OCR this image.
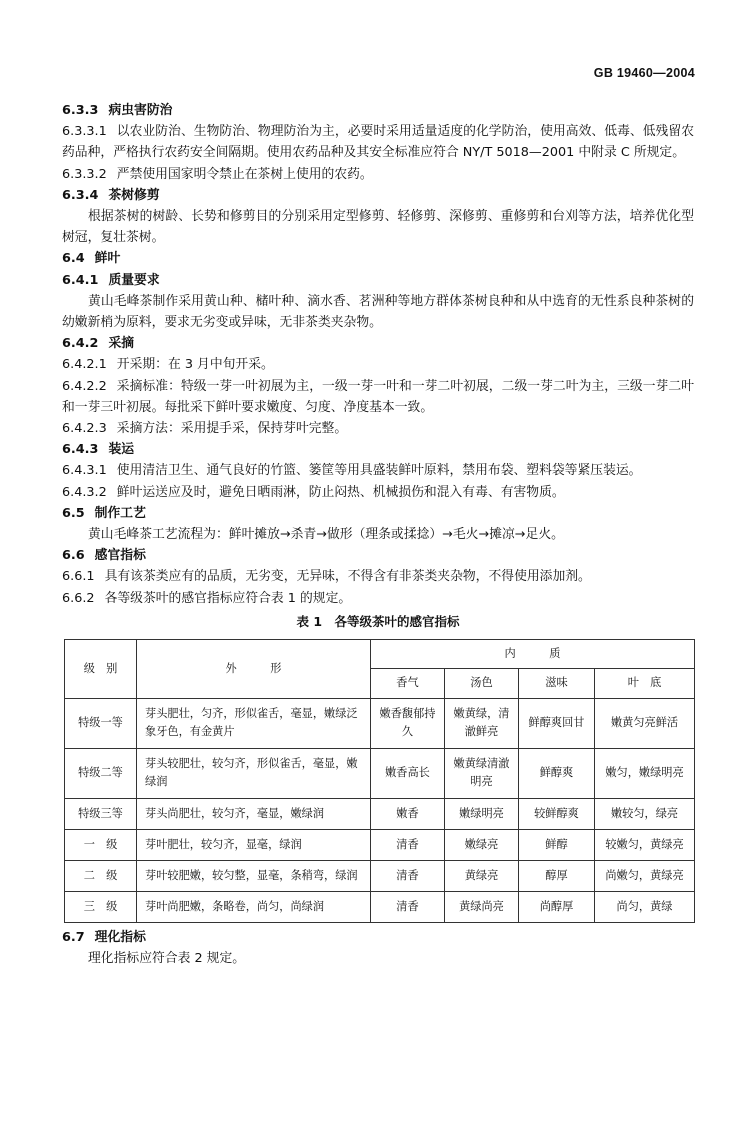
GB 19460—2004

6.3.3 病虫害防治

6.3.3.1 以农业防治、生物防治、物理防治为主，必要时采用适量适度的化学防治，使用高效、低毒、低残留农药品种，严格执行农药安全间隔期。使用农药品种及其安全标准应符合 NY/T 5018—2001 中附录 C 所规定。

6.3.3.2 严禁使用国家明令禁止在茶树上使用的农药。

6.3.4 茶树修剪

根据茶树的树龄、长势和修剪目的分别采用定型修剪、轻修剪、深修剪、重修剪和台刈等方法，培养优化型树冠，复壮茶树。

6.4 鲜叶

6.4.1 质量要求

黄山毛峰茶制作采用黄山种、槠叶种、滴水香、茗洲种等地方群体茶树良种和从中选育的无性系良种茶树的幼嫩新梢为原料，要求无劣变或异味，无非茶类夹杂物。

6.4.2 采摘

6.4.2.1 开采期：在 3 月中旬开采。

6.4.2.2 采摘标准：特级一芽一叶初展为主，一级一芽一叶和一芽二叶初展，二级一芽二叶为主，三级一芽二叶和一芽三叶初展。每批采下鲜叶要求嫩度、匀度、净度基本一致。

6.4.2.3 采摘方法：采用提手采，保持芽叶完整。

6.4.3 装运

6.4.3.1 使用清洁卫生、通气良好的竹篮、篓筐等用具盛装鲜叶原料，禁用布袋、塑料袋等紧压装运。

6.4.3.2 鲜叶运送应及时，避免日晒雨淋，防止闷热、机械损伤和混入有毒、有害物质。

6.5 制作工艺

黄山毛峰茶工艺流程为：鲜叶摊放→杀青→做形（理条或揉捻）→毛火→摊凉→足火。

6.6 感官指标

6.6.1 具有该茶类应有的品质，无劣变，无异味，不得含有非茶类夹杂物，不得使用添加剂。

6.6.2 各等级茶叶的感官指标应符合表 1 的规定。

表 1　各等级茶叶的感官指标
级　别	外　　　形	内　　　质			
		香气	汤色	滋味	叶　底
特级一等	芽头肥壮，匀齐，形似雀舌，毫显，嫩绿泛象牙色，有金黄片	嫩香馥郁持久	嫩黄绿，清澈鲜亮	鲜醇爽回甘	嫩黄匀亮鲜活
特级二等	芽头较肥壮，较匀齐，形似雀舌，毫显，嫩绿润	嫩香高长	嫩黄绿清澈明亮	鲜醇爽	嫩匀，嫩绿明亮
特级三等	芽头尚肥壮，较匀齐，毫显，嫩绿润	嫩香	嫩绿明亮	较鲜醇爽	嫩较匀，绿亮
一　级	芽叶肥壮，较匀齐，显毫，绿润	清香	嫩绿亮	鲜醇	较嫩匀，黄绿亮
二　级	芽叶较肥嫩，较匀整，显毫，条稍弯，绿润	清香	黄绿亮	醇厚	尚嫩匀，黄绿亮
三　级	芽叶尚肥嫩，条略卷，尚匀，尚绿润	清香	黄绿尚亮	尚醇厚	尚匀，黄绿

6.7 理化指标

理化指标应符合表 2 规定。
